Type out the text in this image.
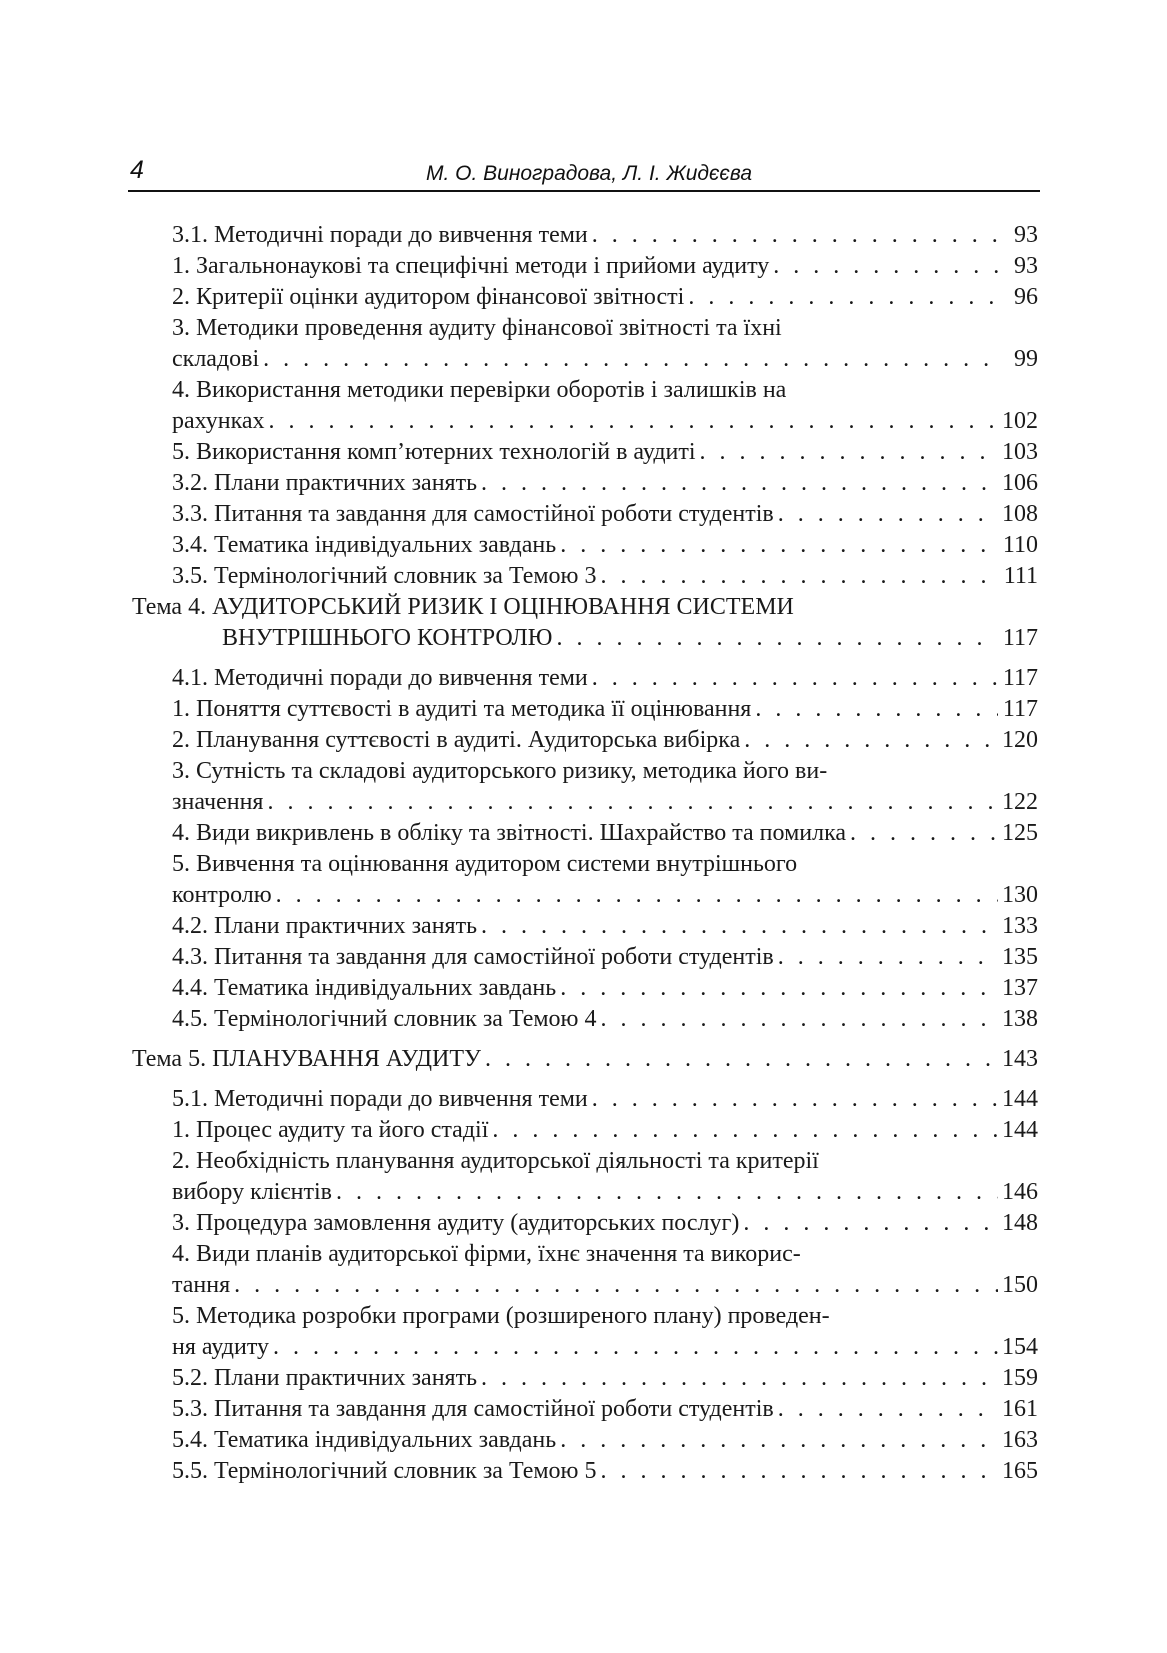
4	М. О. Виноградова, Л. І. Жидєєва
3.1. Методичні поради до вивчення теми . . .	93
1. Загальнонаукові та специфічні методи і прийоми аудиту . . .	93
2. Критерії оцінки аудитором фінансової звітності . . .	96
3. Методики проведення аудиту фінансової звітності та їхні
складові . . .	99
4. Використання методики перевірки оборотів і залишків на
рахунках . . .	102
5. Використання комп’ютерних технологій в аудиті . . .	103
3.2. Плани практичних занять . . .	106
3.3. Питання та завдання для самостійної роботи студентів . . .	108
3.4. Тематика індивідуальних завдань . . .	110
3.5. Термінологічний словник за Темою 3 . . .	111
Тема 4. АУДИТОРСЬКИЙ РИЗИК І ОЦІНЮВАННЯ СИСТЕМИ
ВНУТРІШНЬОГО КОНТРОЛЮ . . .	117
4.1. Методичні поради до вивчення теми . . .	117
1. Поняття суттєвості в аудиті та методика її оцінювання . . .	117
2. Планування суттєвості в аудиті. Аудиторська вибірка . . .	120
3. Сутність та складові аудиторського ризику, методика його ви-
значення . . .	122
4. Види викривлень в обліку та звітності. Шахрайство та помилка . . .	125
5. Вивчення та оцінювання аудитором системи внутрішнього
контролю . . .	130
4.2. Плани практичних занять . . .	133
4.3. Питання та завдання для самостійної роботи студентів . . .	135
4.4. Тематика індивідуальних завдань . . .	137
4.5. Термінологічний словник за Темою 4 . . .	138
Тема 5. ПЛАНУВАННЯ АУДИТУ . . .	143
5.1. Методичні поради до вивчення теми . . .	144
1. Процес аудиту та його стадії . . .	144
2. Необхідність планування аудиторської діяльності та критерії
вибору клієнтів . . .	146
3. Процедура замовлення аудиту (аудиторських послуг) . . .	148
4. Види планів аудиторської фірми, їхнє значення та викорис-
тання . . .	150
5. Методика розробки програми (розширеного плану) проведен-
ня аудиту . . .	154
5.2. Плани практичних занять . . .	159
5.3. Питання та завдання для самостійної роботи студентів . . .	161
5.4. Тематика індивідуальних завдань . . .	163
5.5. Термінологічний словник за Темою 5 . . .	165
